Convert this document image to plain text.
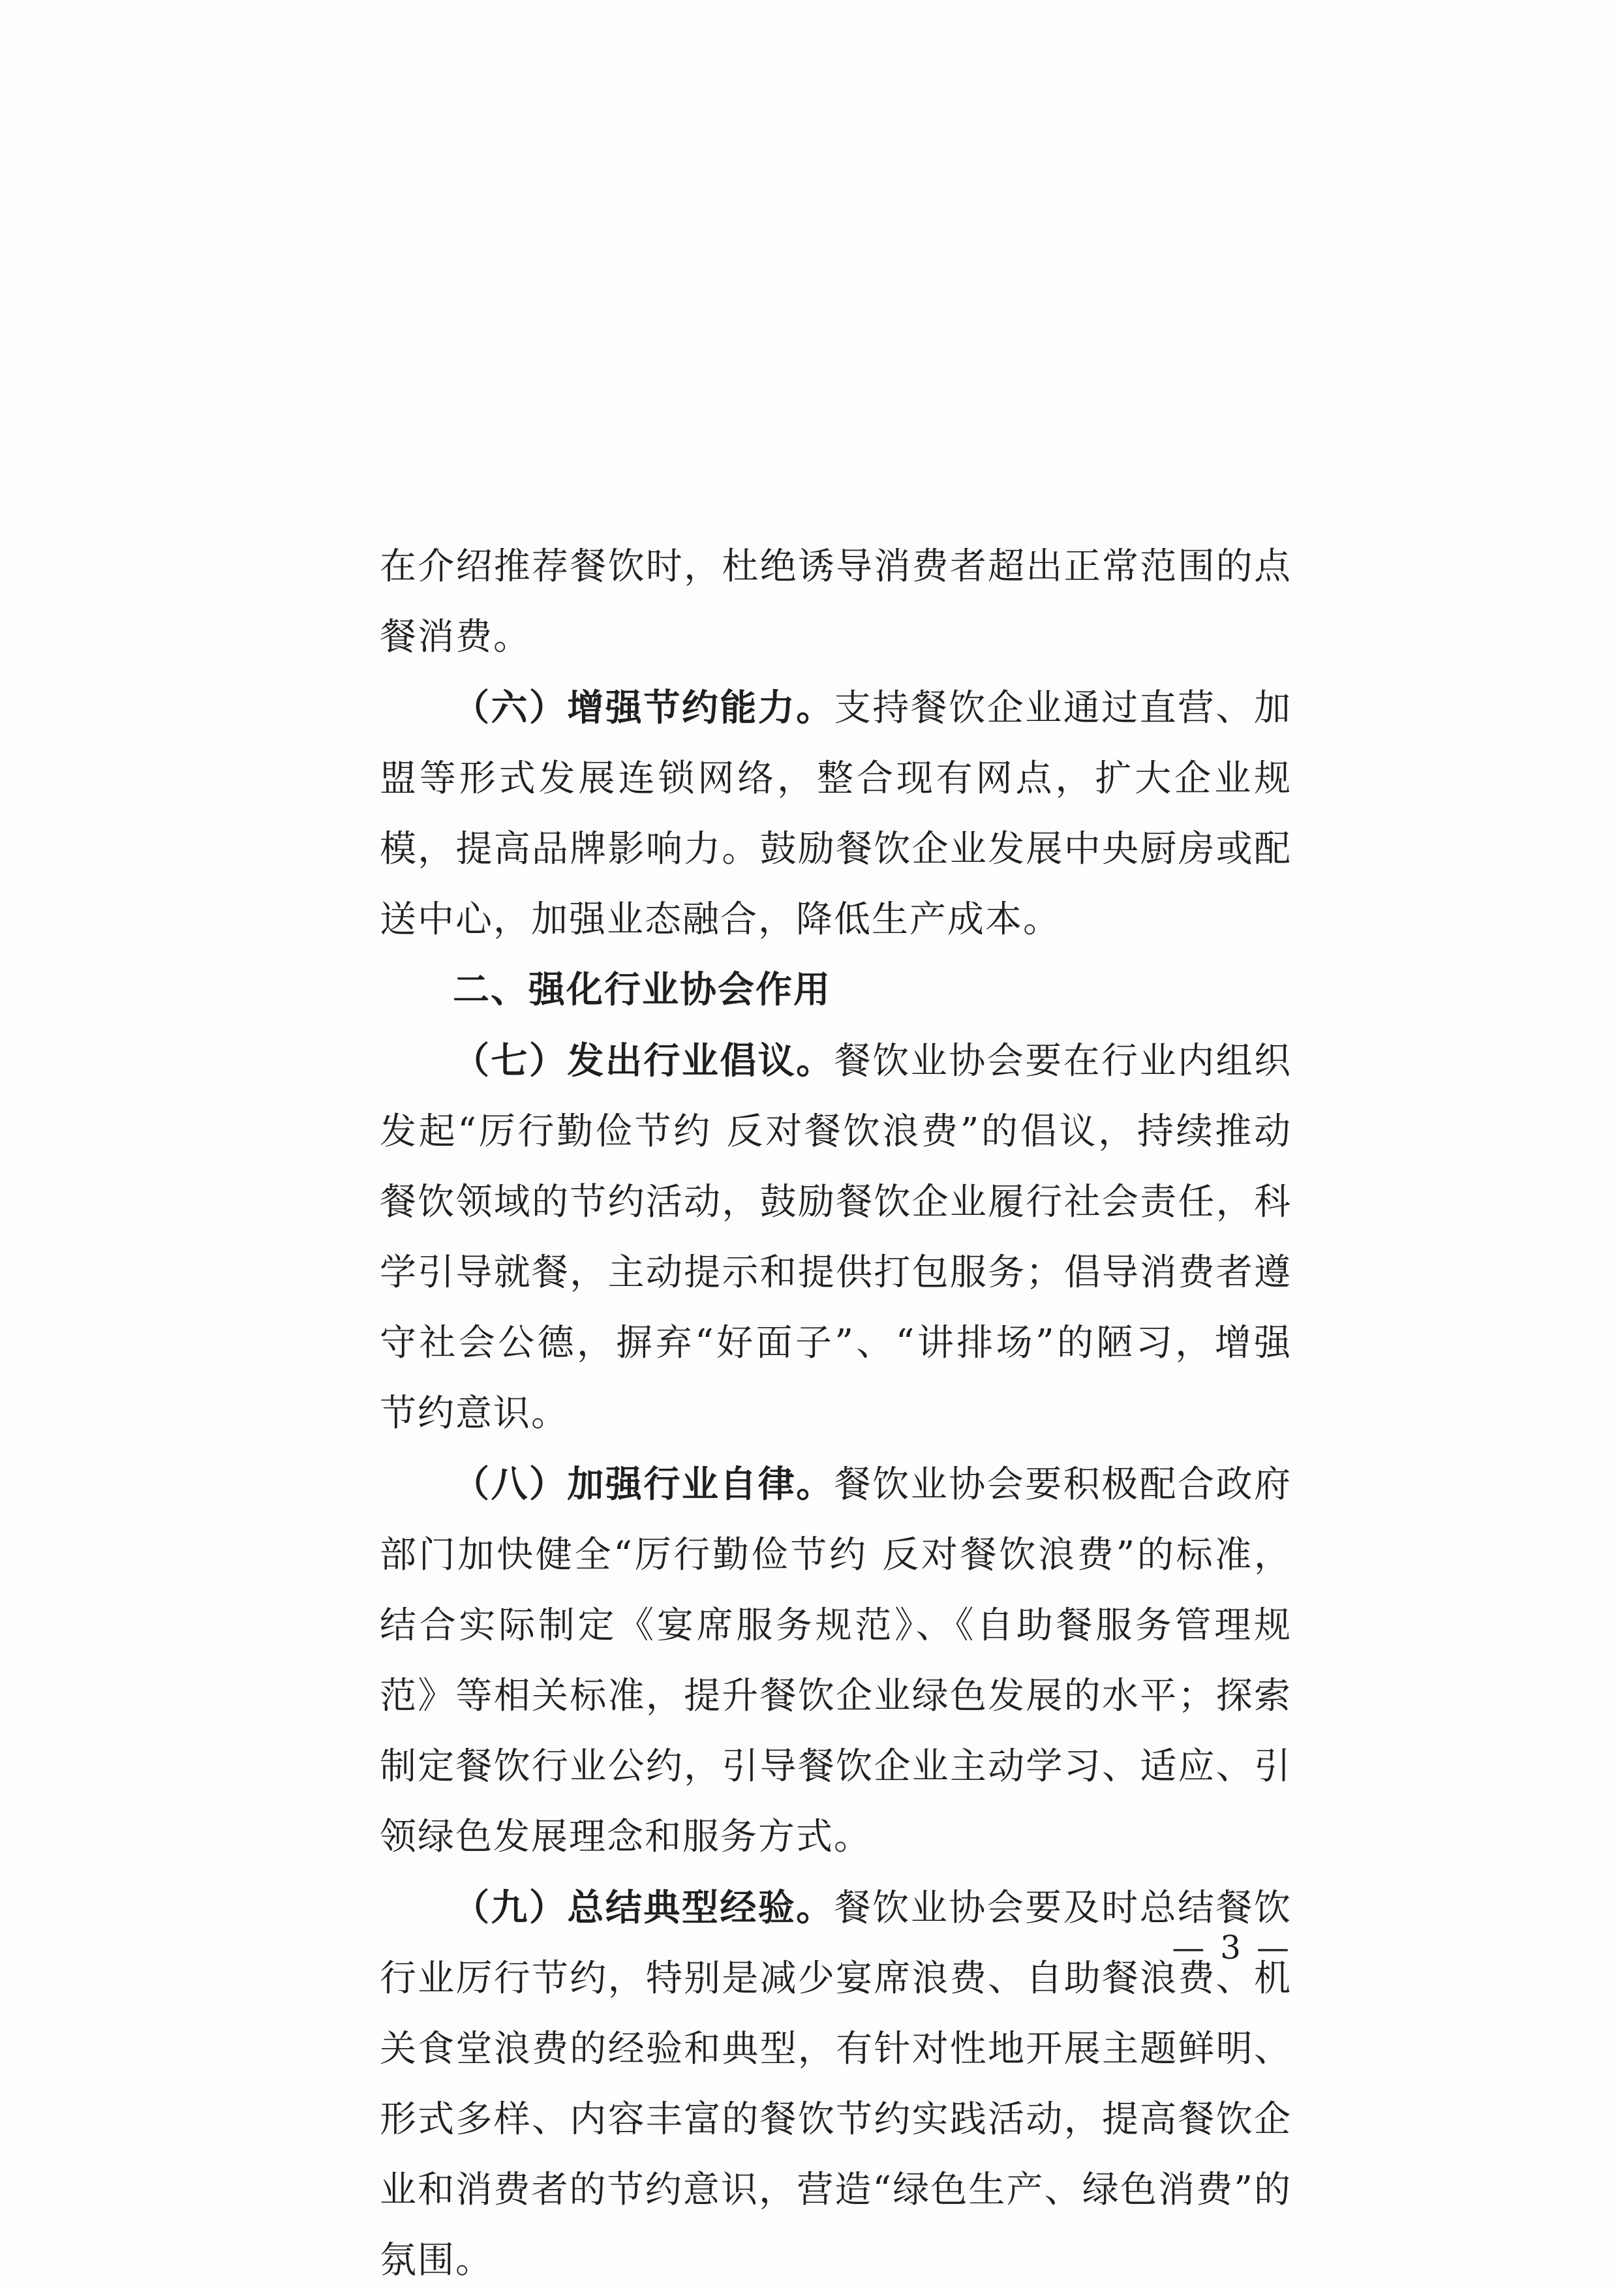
在介绍推荐餐饮时，杜绝诱导消费者超出正常范围的点餐消费。

（六）增强节约能力。支持餐饮企业通过直营、加盟等形式发展连锁网络，整合现有网点，扩大企业规模，提高品牌影响力。鼓励餐饮企业发展中央厨房或配送中心，加强业态融合，降低生产成本。

二、强化行业协会作用

（七）发出行业倡议。餐饮业协会要在行业内组织发起“厉行勤俭节约 反对餐饮浪费”的倡议，持续推动餐饮领域的节约活动，鼓励餐饮企业履行社会责任，科学引导就餐，主动提示和提供打包服务；倡导消费者遵守社会公德，摒弃“好面子”、“讲排场”的陋习，增强节约意识。

（八）加强行业自律。餐饮业协会要积极配合政府部门加快健全“厉行勤俭节约 反对餐饮浪费”的标准，结合实际制定《宴席服务规范》、《自助餐服务管理规范》等相关标准，提升餐饮企业绿色发展的水平；探索制定餐饮行业公约，引导餐饮企业主动学习、适应、引领绿色发展理念和服务方式。

（九）总结典型经验。餐饮业协会要及时总结餐饮行业厉行节约，特别是减少宴席浪费、自助餐浪费、机关食堂浪费的经验和典型，有针对性地开展主题鲜明、形式多样、内容丰富的餐饮节约实践活动，提高餐饮企业和消费者的节约意识，营造“绿色生产、绿色消费”的氛围。

— 3 —
